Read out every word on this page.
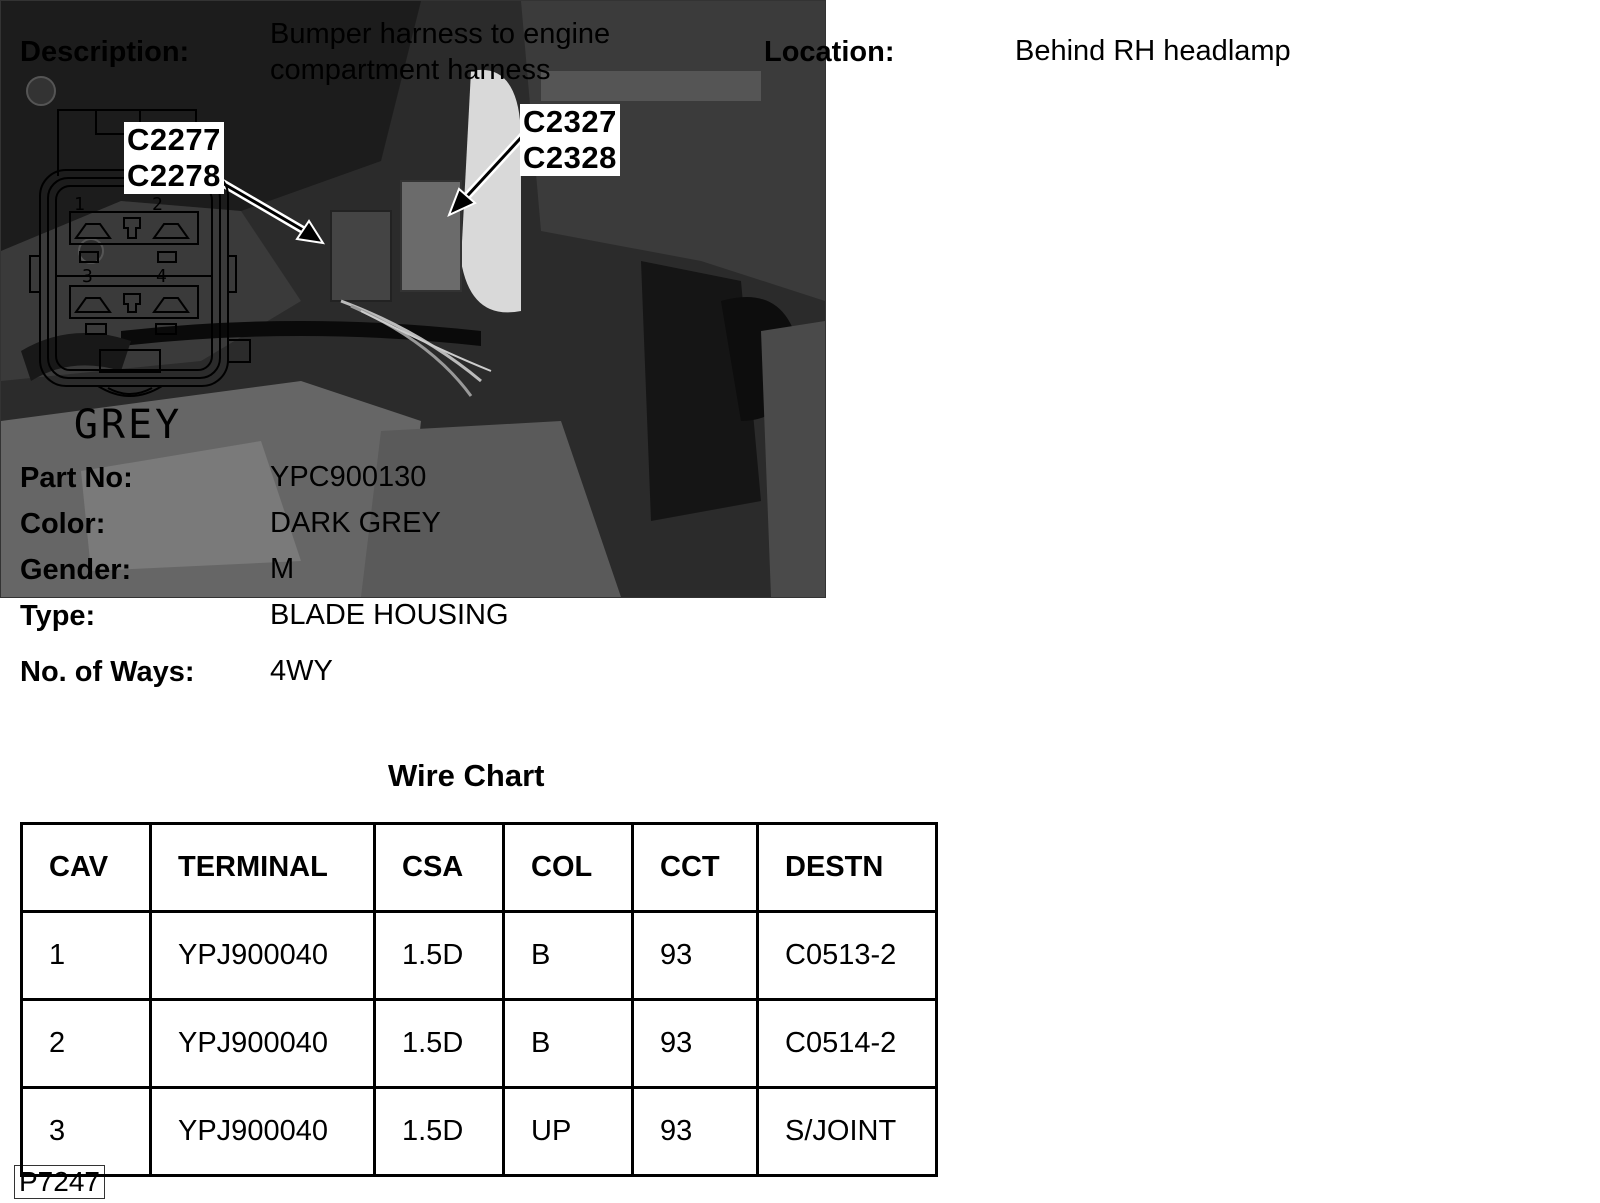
Description:
Bumper harness to engine
compartment harness
Location:	Behind RH headlamp
1	2
3	4
GREY
Part No:	YPC900130
Color:	DARK GREY
Gender:	M
Type:	BLADE HOUSING
No. of Ways:	4WY
C2277
C2278
C2327
C2328
P7247
Wire Chart
CAV	TERMINAL	CSA	COL	CCT	DESTN
1	YPJ900040	1.5D	B	93	C0513-2
2	YPJ900040	1.5D	B	93	C0514-2
3	YPJ900040	1.5D	UP	93	S/JOINT
